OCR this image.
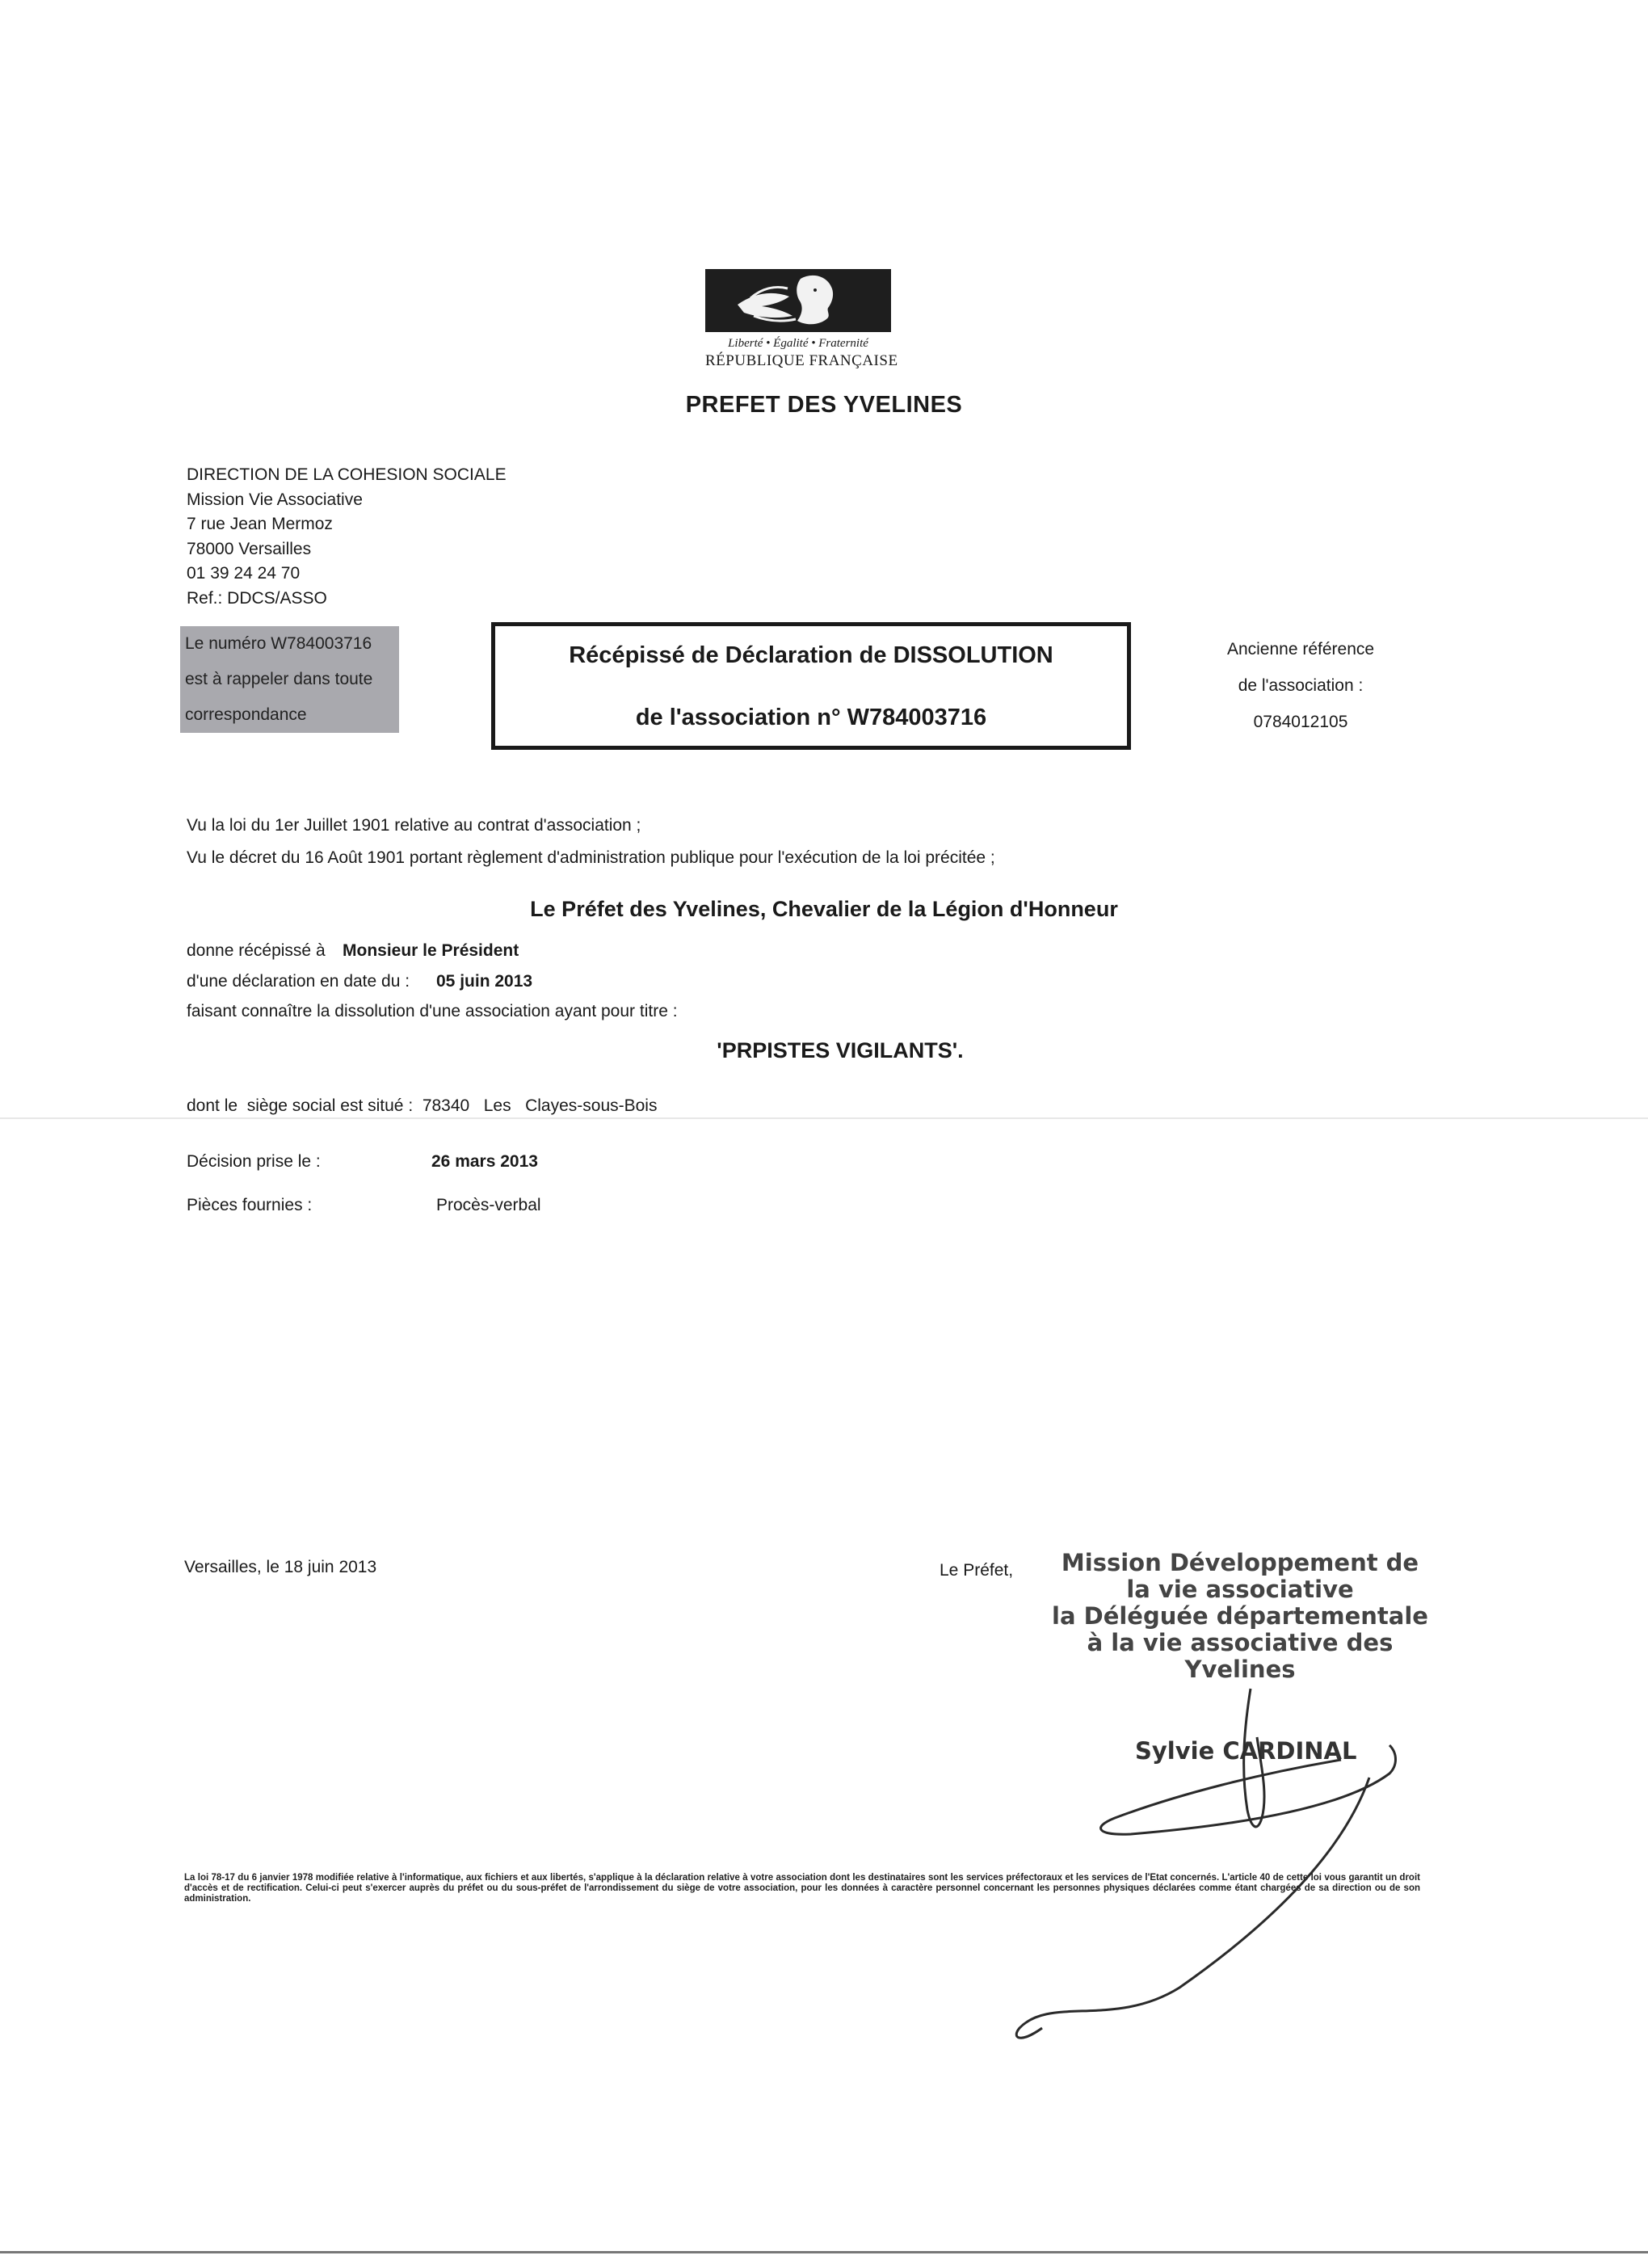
Liberté • Égalité • Fraternité
RÉPUBLIQUE FRANÇAISE
PREFET DES YVELINES
DIRECTION DE LA COHESION SOCIALE
Mission Vie Associative
7 rue Jean Mermoz
78000 Versailles
01 39 24 24 70
Ref.: DDCS/ASSO
Le numéro W784003716
est à rappeler dans toute
correspondance
Récépissé de Déclaration de DISSOLUTION
de l'association n° W784003716
Ancienne référence
de l'association :
0784012105
Vu la loi du 1er Juillet 1901 relative au contrat d'association ;
Vu le décret du 16 Août 1901 portant règlement d'administration publique pour l'exécution de la loi précitée ;
Le Préfet des Yvelines, Chevalier de la Légion d'Honneur
donne récépissé à Monsieur le Président
d'une déclaration en date du : 05 juin 2013
faisant connaître la dissolution d'une association ayant pour titre :
'PRPISTES VIGILANTS'.
dont le  siège social est situé :  78340   Les   Clayes-sous-Bois
Décision prise le :	26 mars 2013
Pièces fournies :	Procès-verbal
Versailles, le 18 juin 2013	Le Préfet,	Mission Développement de
la vie associative
la Déléguée départementale
à la vie associative des
Yvelines
Sylvie CARDINAL
La loi 78-17 du 6 janvier 1978 modifiée relative à l'informatique, aux fichiers et aux libertés, s'applique à la déclaration relative à votre association dont les destinataires sont les services préfectoraux et les services de l'Etat concernés. L'article 40 de cette loi vous garantit un droit d'accès et de rectification. Celui-ci peut s'exercer auprès du préfet ou du sous-préfet de l'arrondissement du siège de votre association, pour les données à caractère personnel concernant les personnes physiques déclarées comme étant chargées de sa direction ou de son administration.
